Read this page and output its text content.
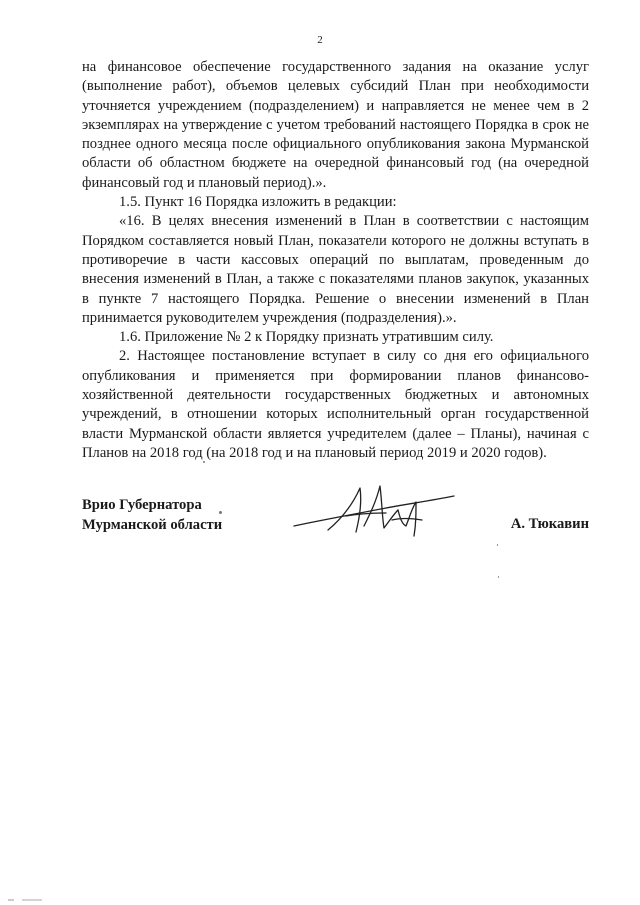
2

на финансовое обеспечение государственного задания на оказание услуг (выполнение работ), объемов целевых субсидий План при необходимости уточняется учреждением (подразделением) и направляется не менее чем в 2 экземплярах на утверждение с учетом требований настоящего Порядка в срок не позднее одного месяца после официального опубликования закона Мурманской области об областном бюджете на очередной финансовый год (на очередной финансовый год и плановый период).».

1.5. Пункт 16 Порядка изложить в редакции:

«16. В целях внесения изменений в План в соответствии с настоящим Порядком составляется новый План, показатели которого не должны вступать в противоречие в части кассовых операций по выплатам, проведенным до внесения изменений в План, а также с показателями планов закупок, указанных в пункте 7 настоящего Порядка. Решение о внесении изменений в План принимается руководителем учреждения (подразделения).».

1.6. Приложение № 2 к Порядку признать утратившим силу.

2. Настоящее постановление вступает в силу со дня его официального опубликования и применяется при формировании планов финансово-хозяйственной деятельности государственных бюджетных и автономных учреждений, в отношении которых исполнительный орган государственной власти Мурманской области является учредителем (далее – Планы), начиная с Планов на 2018 год (на 2018 год и на плановый период 2019 и 2020 годов).

Врио Губернатора
Мурманской области	А. Тюкавин
